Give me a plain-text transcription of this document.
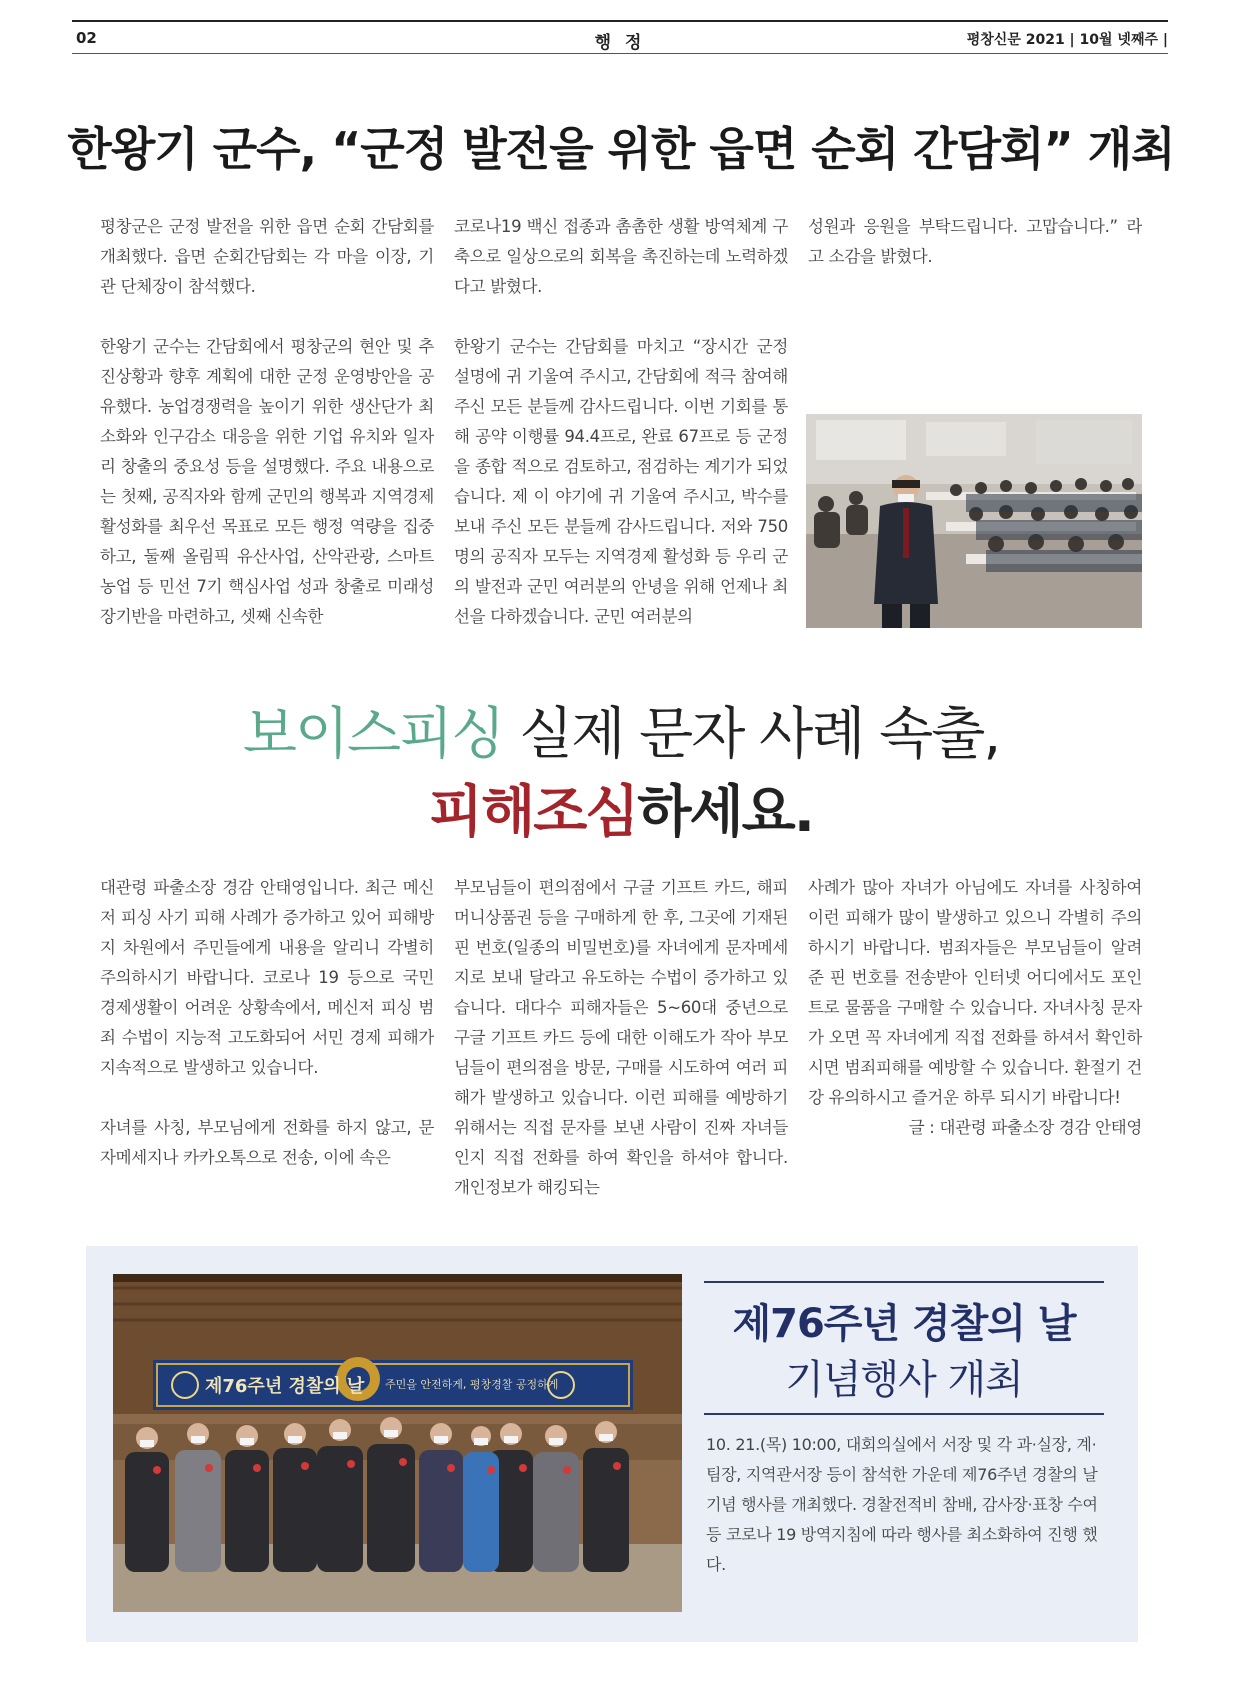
02	행 정	평창신문 2021 | 10월 넷째주 |
한왕기 군수, “군정 발전을 위한 읍면 순회 간담회” 개최

평창군은 군정 발전을 위한 읍면 순회 간담회를 개최했다. 읍면 순회간담회는 각 마을 이장, 기관 단체장이 참석했다.

한왕기 군수는 간담회에서 평창군의 현안 및 추진상황과 향후 계획에 대한 군정 운영방안을 공유했다. 농업경쟁력을 높이기 위한 생산단가 최소화와 인구감소 대응을 위한 기업 유치와 일자리 창출의 중요성 등을 설명했다. 주요 내용으로는 첫째, 공직자와 함께 군민의 행복과 지역경제 활성화를 최우선 목표로 모든 행정 역량을 집중하고, 둘째 올림픽 유산사업, 산악관광, 스마트농업 등 민선 7기 핵심사업 성과 창출로 미래성장기반을 마련하고, 셋째 신속한

코로나19 백신 접종과 촘촘한 생활 방역체계 구축으로 일상으로의 회복을 촉진하는데 노력하겠다고 밝혔다.

한왕기 군수는 간담회를 마치고 “장시간 군정 설명에 귀 기울여 주시고, 간담회에 적극 참여해 주신 모든 분들께 감사드립니다. 이번 기회를 통해 공약 이행률 94.4프로, 완료 67프로 등 군정을 종합 적으로 검토하고, 점검하는 계기가 되었습니다. 제 이 야기에 귀 기울여 주시고, 박수를 보내 주신 모든 분들께 감사드립니다. 저와 750명의 공직자 모두는 지역경제 활성화 등 우리 군의 발전과 군민 여러분의 안녕을 위해 언제나 최선을 다하겠습니다. 군민 여러분의

성원과 응원을 부탁드립니다. 고맙습니다.” 라고 소감을 밝혔다.

보이스피싱 실제 문자 사례 속출,
피해조심하세요.

대관령 파출소장 경감 안태영입니다. 최근 메신저 피싱 사기 피해 사례가 증가하고 있어 피해방지 차원에서 주민들에게 내용을 알리니 각별히 주의하시기 바랍니다. 코로나 19 등으로 국민 경제생활이 어려운 상황속에서, 메신저 피싱 범죄 수법이 지능적 고도화되어 서민 경제 피해가 지속적으로 발생하고 있습니다.

자녀를 사칭, 부모님에게 전화를 하지 않고, 문자메세지나 카카오톡으로 전송, 이에 속은

부모님들이 편의점에서 구글 기프트 카드, 해피머니상품권 등을 구매하게 한 후, 그곳에 기재된 핀 번호(일종의 비밀번호)를 자녀에게 문자메세지로 보내 달라고 유도하는 수법이 증가하고 있습니다. 대다수 피해자들은 5~60대 중년으로 구글 기프트 카드 등에 대한 이해도가 작아 부모님들이 편의점을 방문, 구매를 시도하여 여러 피해가 발생하고 있습니다. 이런 피해를 예방하기 위해서는 직접 문자를 보낸 사람이 진짜 자녀들인지 직접 전화를 하여 확인을 하셔야 합니다. 개인정보가 해킹되는

사례가 많아 자녀가 아님에도 자녀를 사칭하여 이런 피해가 많이 발생하고 있으니 각별히 주의하시기 바랍니다. 범죄자들은 부모님들이 알려준 핀 번호를 전송받아 인터넷 어디에서도 포인트로 물품을 구매할 수 있습니다. 자녀사칭 문자가 오면 꼭 자녀에게 직접 전화를 하셔서 확인하시면 범죄피해를 예방할 수 있습니다. 환절기 건강 유의하시고 즐거운 하루 되시기 바랍니다!

글 : 대관령 파출소장 경감 안태영

제76주년 경찰의 날 주민을 안전하게, 평창경찰 공정하게
제76주년 경찰의 날
기념행사 개최
10. 21.(목) 10:00, 대회의실에서 서장 및 각 과·실장, 계·팀장, 지역관서장 등이 참석한 가운데 제76주년 경찰의 날 기념 행사를 개최했다. 경찰전적비 참배, 감사장·표창 수여 등 코로나 19 방역지침에 따라 행사를 최소화하여 진행 했다.
